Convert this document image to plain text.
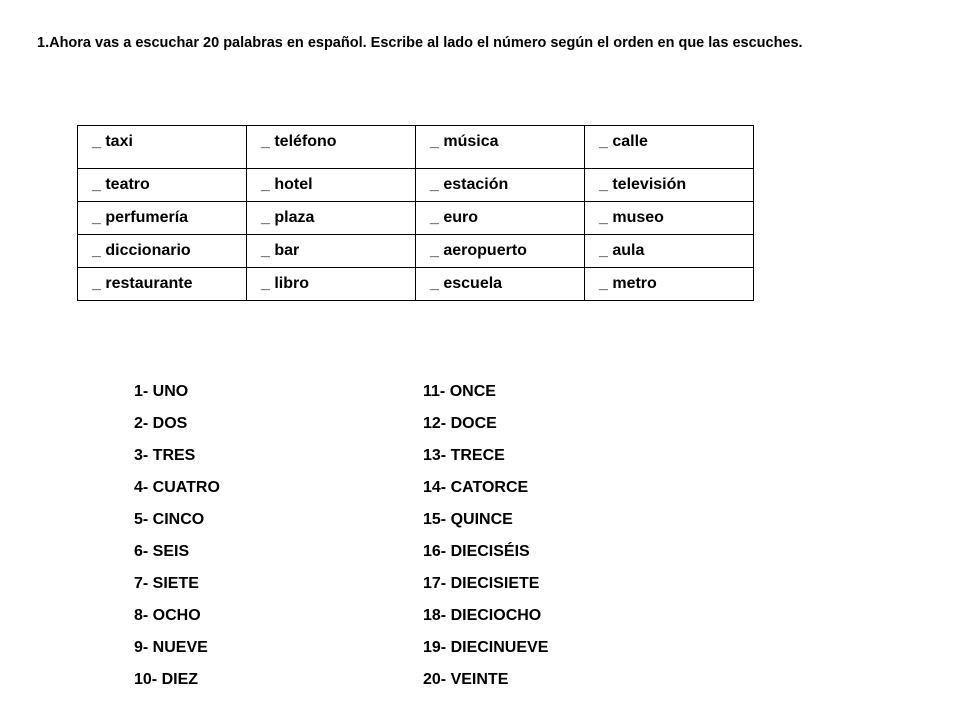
1.Ahora vas a escuchar 20 palabras en español. Escribe al lado el número según el orden en que las escuches.
_ taxi	_ teléfono	_ música	_ calle
_ teatro	_ hotel	_ estación	_ televisión
_ perfumería	_ plaza	_ euro	_ museo
_ diccionario	_ bar	_ aeropuerto	_ aula
_ restaurante	_ libro	_ escuela	_ metro
1- UNO
2- DOS
3- TRES
4- CUATRO
5- CINCO
6- SEIS
7- SIETE
8- OCHO
9- NUEVE
10- DIEZ
11- ONCE
12- DOCE
13- TRECE
14- CATORCE
15- QUINCE
16- DIECISÉIS
17- DIECISIETE
18- DIECIOCHO
19- DIECINUEVE
20- VEINTE
